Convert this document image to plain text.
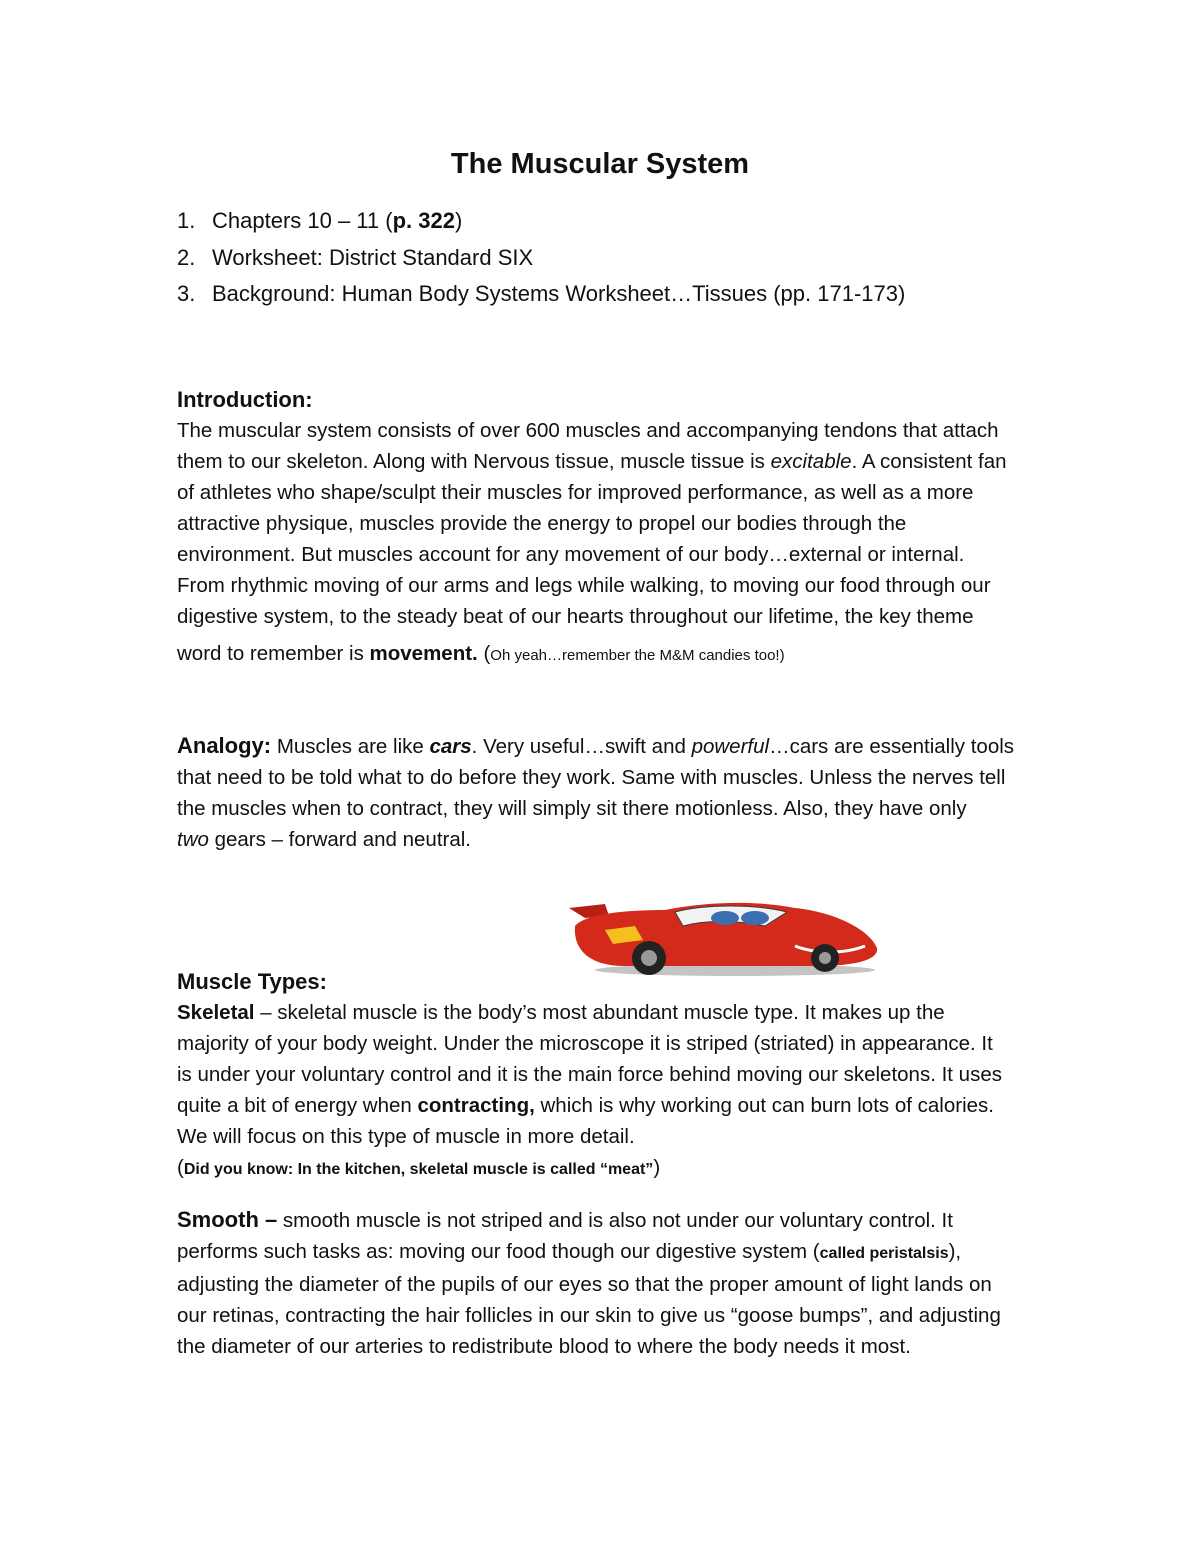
The Muscular System
1. Chapters 10 – 11 (p. 322)
2. Worksheet: District Standard SIX
3. Background: Human Body Systems Worksheet…Tissues (pp. 171-173)
Introduction:

The muscular system consists of over 600 muscles and accompanying tendons that attach

them to our skeleton. Along with Nervous tissue, muscle tissue is excitable. A consistent fan

of athletes who shape/sculpt their muscles for improved performance, as well as a more

attractive physique, muscles provide the energy to propel our bodies through the

environment. But muscles account for any movement of our body…external or internal.

From rhythmic moving of our arms and legs while walking, to moving our food through our

digestive system, to the steady beat of our hearts throughout our lifetime, the key theme

word to remember is movement. (Oh yeah…remember the M&M candies too!)

Analogy: Muscles are like cars. Very useful…swift and powerful…cars are essentially tools

that need to be told what to do before they work. Same with muscles. Unless the nerves tell

the muscles when to contract, they will simply sit there motionless. Also, they have only

two gears – forward and neutral.

Muscle Types:

Skeletal – skeletal muscle is the body’s most abundant muscle type. It makes up the

majority of your body weight. Under the microscope it is striped (striated) in appearance. It

is under your voluntary control and it is the main force behind moving our skeletons. It uses

quite a bit of energy when contracting, which is why working out can burn lots of calories.

We will focus on this type of muscle in more detail.

(Did you know: In the kitchen, skeletal muscle is called “meat”)

Smooth – smooth muscle is not striped and is also not under our voluntary control. It

performs such tasks as: moving our food though our digestive system (called peristalsis),

adjusting the diameter of the pupils of our eyes so that the proper amount of light lands on

our retinas, contracting the hair follicles in our skin to give us “goose bumps”, and adjusting

the diameter of our arteries to redistribute blood to where the body needs it most.
